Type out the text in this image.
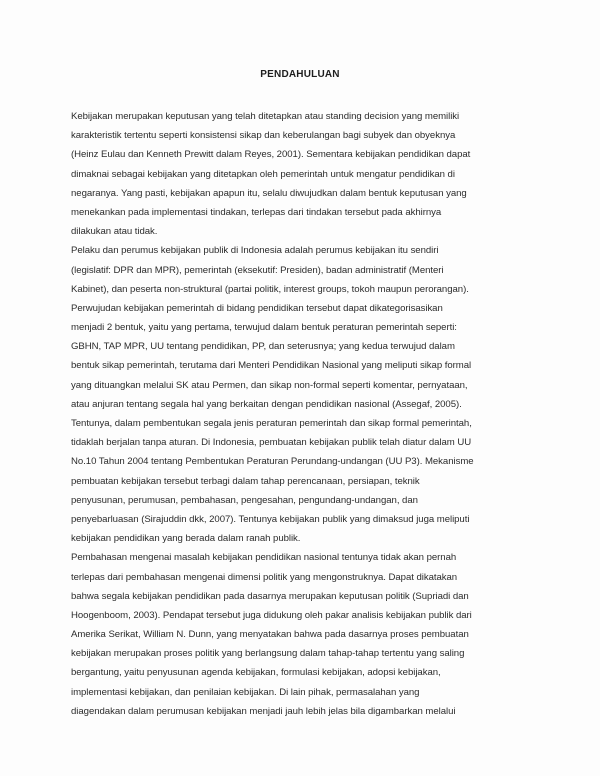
PENDAHULUAN
Kebijakan merupakan keputusan yang telah ditetapkan atau standing decision yang memiliki
karakteristik tertentu seperti konsistensi sikap dan keberulangan bagi subyek dan obyeknya
(Heinz Eulau dan Kenneth Prewitt dalam Reyes, 2001). Sementara kebijakan pendidikan dapat
dimaknai sebagai kebijakan yang ditetapkan oleh pemerintah untuk mengatur pendidikan di
negaranya. Yang pasti, kebijakan apapun itu, selalu diwujudkan dalam bentuk keputusan yang
menekankan pada implementasi tindakan, terlepas dari tindakan tersebut pada akhirnya
dilakukan atau tidak.
Pelaku dan perumus kebijakan publik di Indonesia adalah perumus kebijakan itu sendiri
(legislatif: DPR dan MPR), pemerintah (eksekutif: Presiden), badan administratif (Menteri
Kabinet), dan peserta non-struktural (partai politik, interest groups, tokoh maupun perorangan).
Perwujudan kebijakan pemerintah di bidang pendidikan tersebut dapat dikategorisasikan
menjadi 2 bentuk, yaitu yang pertama, terwujud dalam bentuk peraturan pemerintah seperti:
GBHN, TAP MPR, UU tentang pendidikan, PP, dan seterusnya; yang kedua terwujud dalam
bentuk sikap pemerintah, terutama dari Menteri Pendidikan Nasional yang meliputi sikap formal
yang dituangkan melalui SK atau Permen, dan sikap non-formal seperti komentar, pernyataan,
atau anjuran tentang segala hal yang berkaitan dengan pendidikan nasional (Assegaf, 2005).
Tentunya, dalam pembentukan segala jenis peraturan pemerintah dan sikap formal pemerintah,
tidaklah berjalan tanpa aturan. Di Indonesia, pembuatan kebijakan publik telah diatur dalam UU
No.10 Tahun 2004 tentang Pembentukan Peraturan Perundang-undangan (UU P3). Mekanisme
pembuatan kebijakan tersebut terbagi dalam tahap perencanaan, persiapan, teknik
penyusunan, perumusan, pembahasan, pengesahan, pengundang-undangan, dan
penyebarluasan (Sirajuddin dkk, 2007). Tentunya kebijakan publik yang dimaksud juga meliputi
kebijakan pendidikan yang berada dalam ranah publik.
Pembahasan mengenai masalah kebijakan pendidikan nasional tentunya tidak akan pernah
terlepas dari pembahasan mengenai dimensi politik yang mengonstruknya. Dapat dikatakan
bahwa segala kebijakan pendidikan pada dasarnya merupakan keputusan politik (Supriadi dan
Hoogenboom, 2003). Pendapat tersebut juga didukung oleh pakar analisis kebijakan publik dari
Amerika Serikat, William N. Dunn, yang menyatakan bahwa pada dasarnya proses pembuatan
kebijakan merupakan proses politik yang berlangsung dalam tahap-tahap tertentu yang saling
bergantung, yaitu penyusunan agenda kebijakan, formulasi kebijakan, adopsi kebijakan,
implementasi kebijakan, dan penilaian kebijakan. Di lain pihak, permasalahan yang
diagendakan dalam perumusan kebijakan menjadi jauh lebih jelas bila digambarkan melalui
